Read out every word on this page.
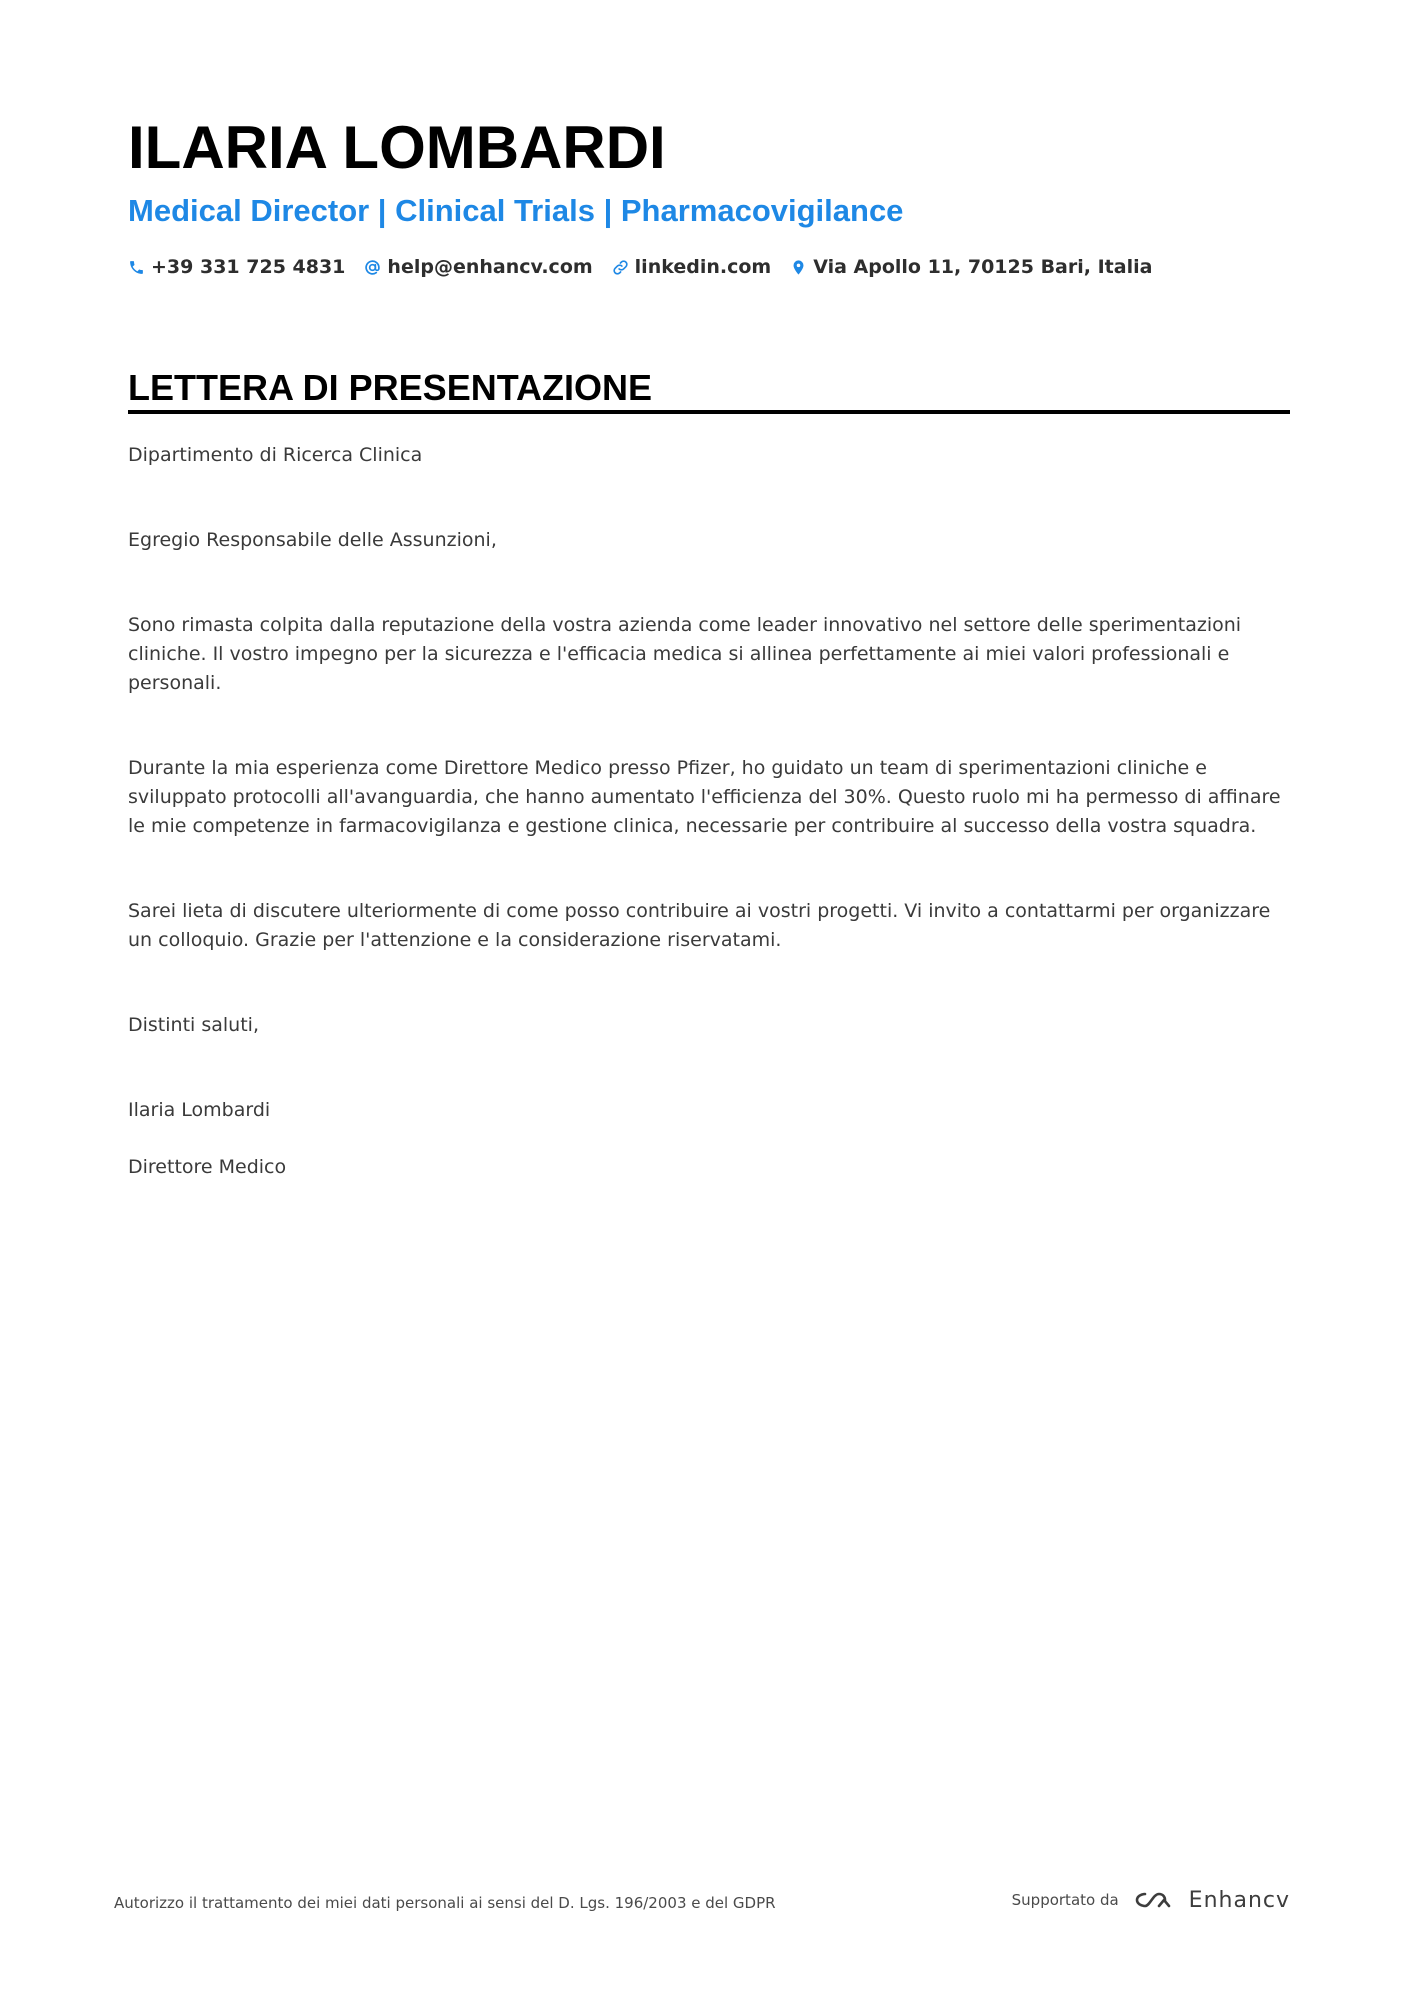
ILARIA LOMBARDI
Medical Director | Clinical Trials | Pharmacovigilance
+39 331 725 4831 help@enhancv.com linkedin.com Via Apollo 11, 70125 Bari, Italia
LETTERA DI PRESENTAZIONE

Dipartimento di Ricerca Clinica

Egregio Responsabile delle Assunzioni,

Sono rimasta colpita dalla reputazione della vostra azienda come leader innovativo nel settore delle sperimentazioni cliniche. Il vostro impegno per la sicurezza e l'efficacia medica si allinea perfettamente ai miei valori professionali e personali.

Durante la mia esperienza come Direttore Medico presso Pfizer, ho guidato un team di sperimentazioni cliniche e sviluppato protocolli all'avanguardia, che hanno aumentato l'efficienza del 30%. Questo ruolo mi ha permesso di affinare le mie competenze in farmacovigilanza e gestione clinica, necessarie per contribuire al successo della vostra squadra.

Sarei lieta di discutere ulteriormente di come posso contribuire ai vostri progetti. Vi invito a contattarmi per organizzare un colloquio. Grazie per l'attenzione e la considerazione riservatami.

Distinti saluti,

Ilaria Lombardi

Direttore Medico

Autorizzo il trattamento dei miei dati personali ai sensi del D. Lgs. 196/2003 e del GDPR	Supportato da	Enhancv
